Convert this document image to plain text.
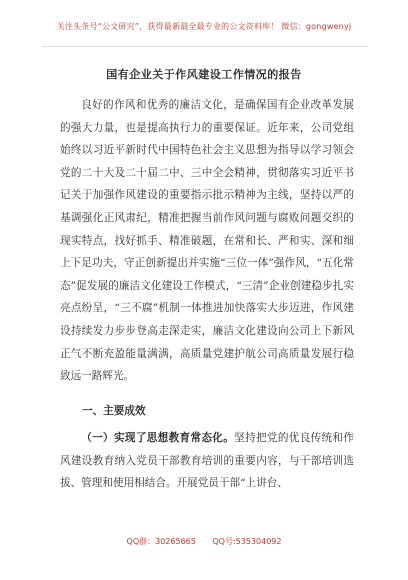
关注头条号“公文研究”，获得最新最全最专业的公文资料库！ 微信：gongwenyj
国有企业关于作风建设工作情况的报告

良好的作风和优秀的廉洁文化，是确保国有企业改革发展的强大力量，也是提高执行力的重要保证。近年来，公司党组始终以习近平新时代中国特色社会主义思想为指导以学习领会党的二十大及二十届二中、三中全会精神，贯彻落实习近平书记关于加强作风建设的重要指示批示精神为主线，坚持以严的基调强化正风肃纪，精准把握当前作风问题与腐败问题交织的现实特点，找好抓手、精准破题，在常和长、严和实、深和细上下足功夫，守正创新提出并实施“三位一体”强作风，“五化常态”促发展的廉洁文化建设工作模式，“三清”企业创建稳步扎实亮点纷呈，“三不腐”机制一体推进加快落实大步迈进，作风建设持续发力步步登高走深走实，廉洁文化建设向公司上下新风正气不断充盈能量满满，高质量党建护航公司高质量发展行稳致远一路辉光。

一、主要成效

（一）实现了思想教育常态化。坚持把党的优良传统和作风建设教育纳入党员干部教育培训的重要内容，与干部培训选拔、管理和使用相结合。开展党员干部“上讲台、

QQ群：30265665 QQ号:535304092
